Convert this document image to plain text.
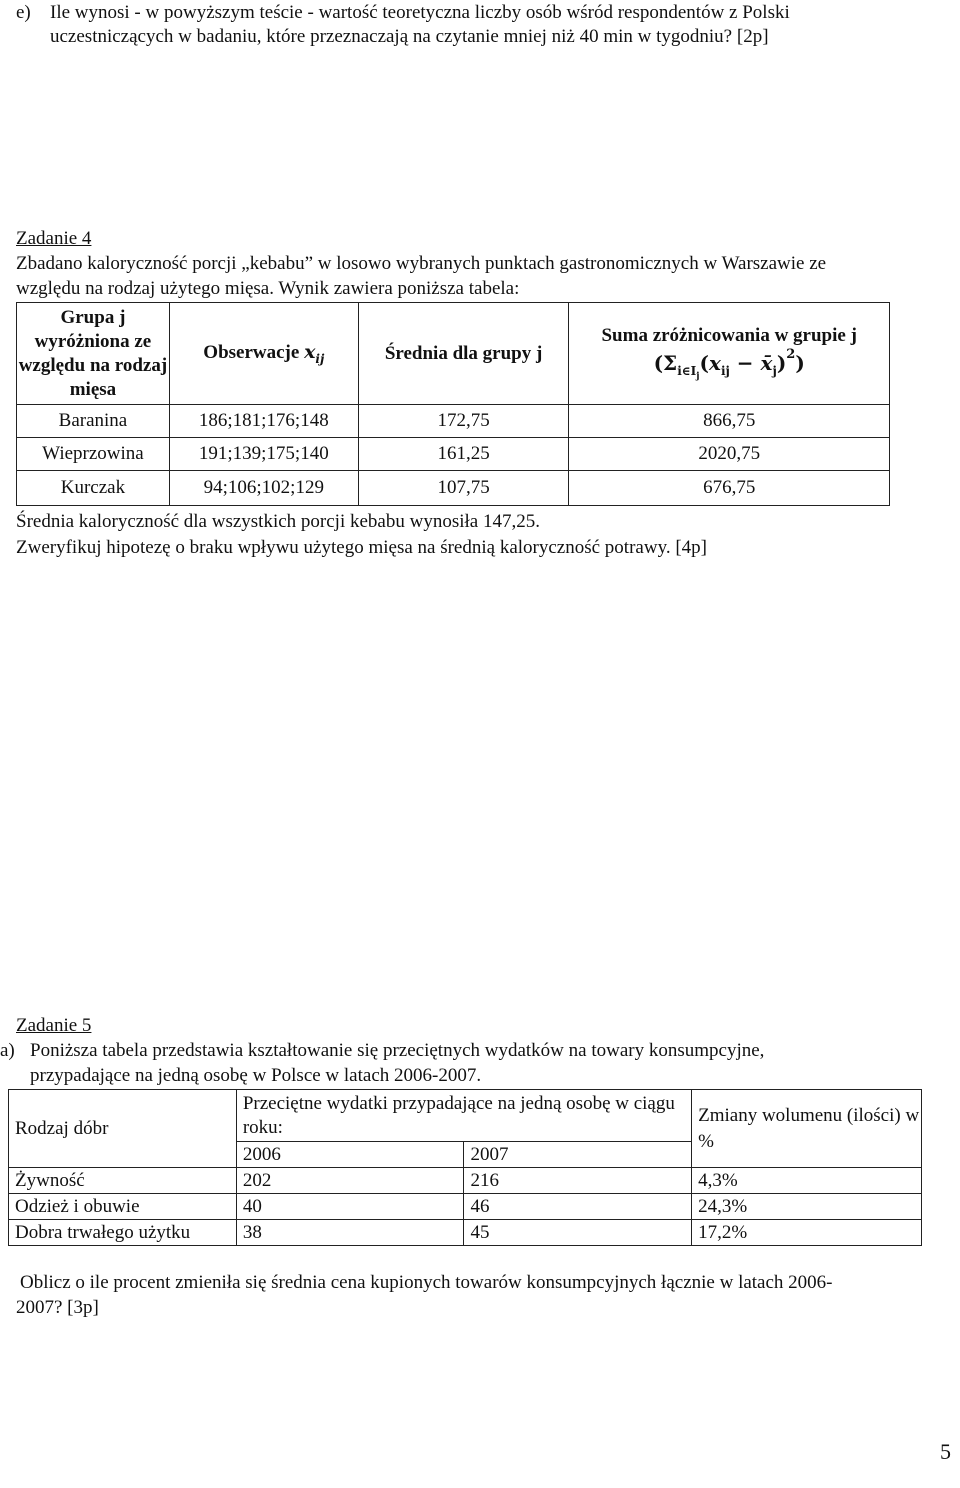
e) Ile wynosi - w powyższym teście - wartość teoretyczna liczby osób wśród respondentów z Polski
uczestniczących w badaniu, które przeznaczają na czytanie mniej niż 40 min w tygodniu? [2p]
Zadanie 4
Zbadano kaloryczność porcji „kebabu” w losowo wybranych punktach gastronomicznych w Warszawie ze
względu na rodzaj użytego mięsa. Wynik zawiera poniższa tabela:
Grupa j wyróżniona ze względu na rodzaj mięsa	Obserwacje $x_{ij}$	Średnia dla grupy j	Suma zróżnicowania w grupie j
($\Sigma_{i\in I_j}(x_{ij}$ − $x̄_j)^2$)
Baranina	186;181;176;148	172,75	866,75
Wieprzowina	191;139;175;140	161,25	2020,75
Kurczak	94;106;102;129	107,75	676,75
Średnia kaloryczność dla wszystkich porcji kebabu wynosiła 147,25.
Zweryfikuj hipotezę o braku wpływu użytego mięsa na średnią kaloryczność potrawy. [4p]
Zadanie 5
a) Poniższa tabela przedstawia kształtowanie się przeciętnych wydatków na towary konsumpcyjne,
przypadające na jedną osobę w Polsce w latach 2006-2007.
Rodzaj dóbr	Przeciętne wydatki przypadające na jedną osobę w ciągu roku:		Zmiany wolumenu (ilości) w %
	2006	2007	
Żywność	202	216	4,3%
Odzież i obuwie	40	46	24,3%
Dobra trwałego użytku	38	45	17,2%
Oblicz o ile procent zmieniła się średnia cena kupionych towarów konsumpcyjnych łącznie w latach 2006-
2007? [3p]
5
